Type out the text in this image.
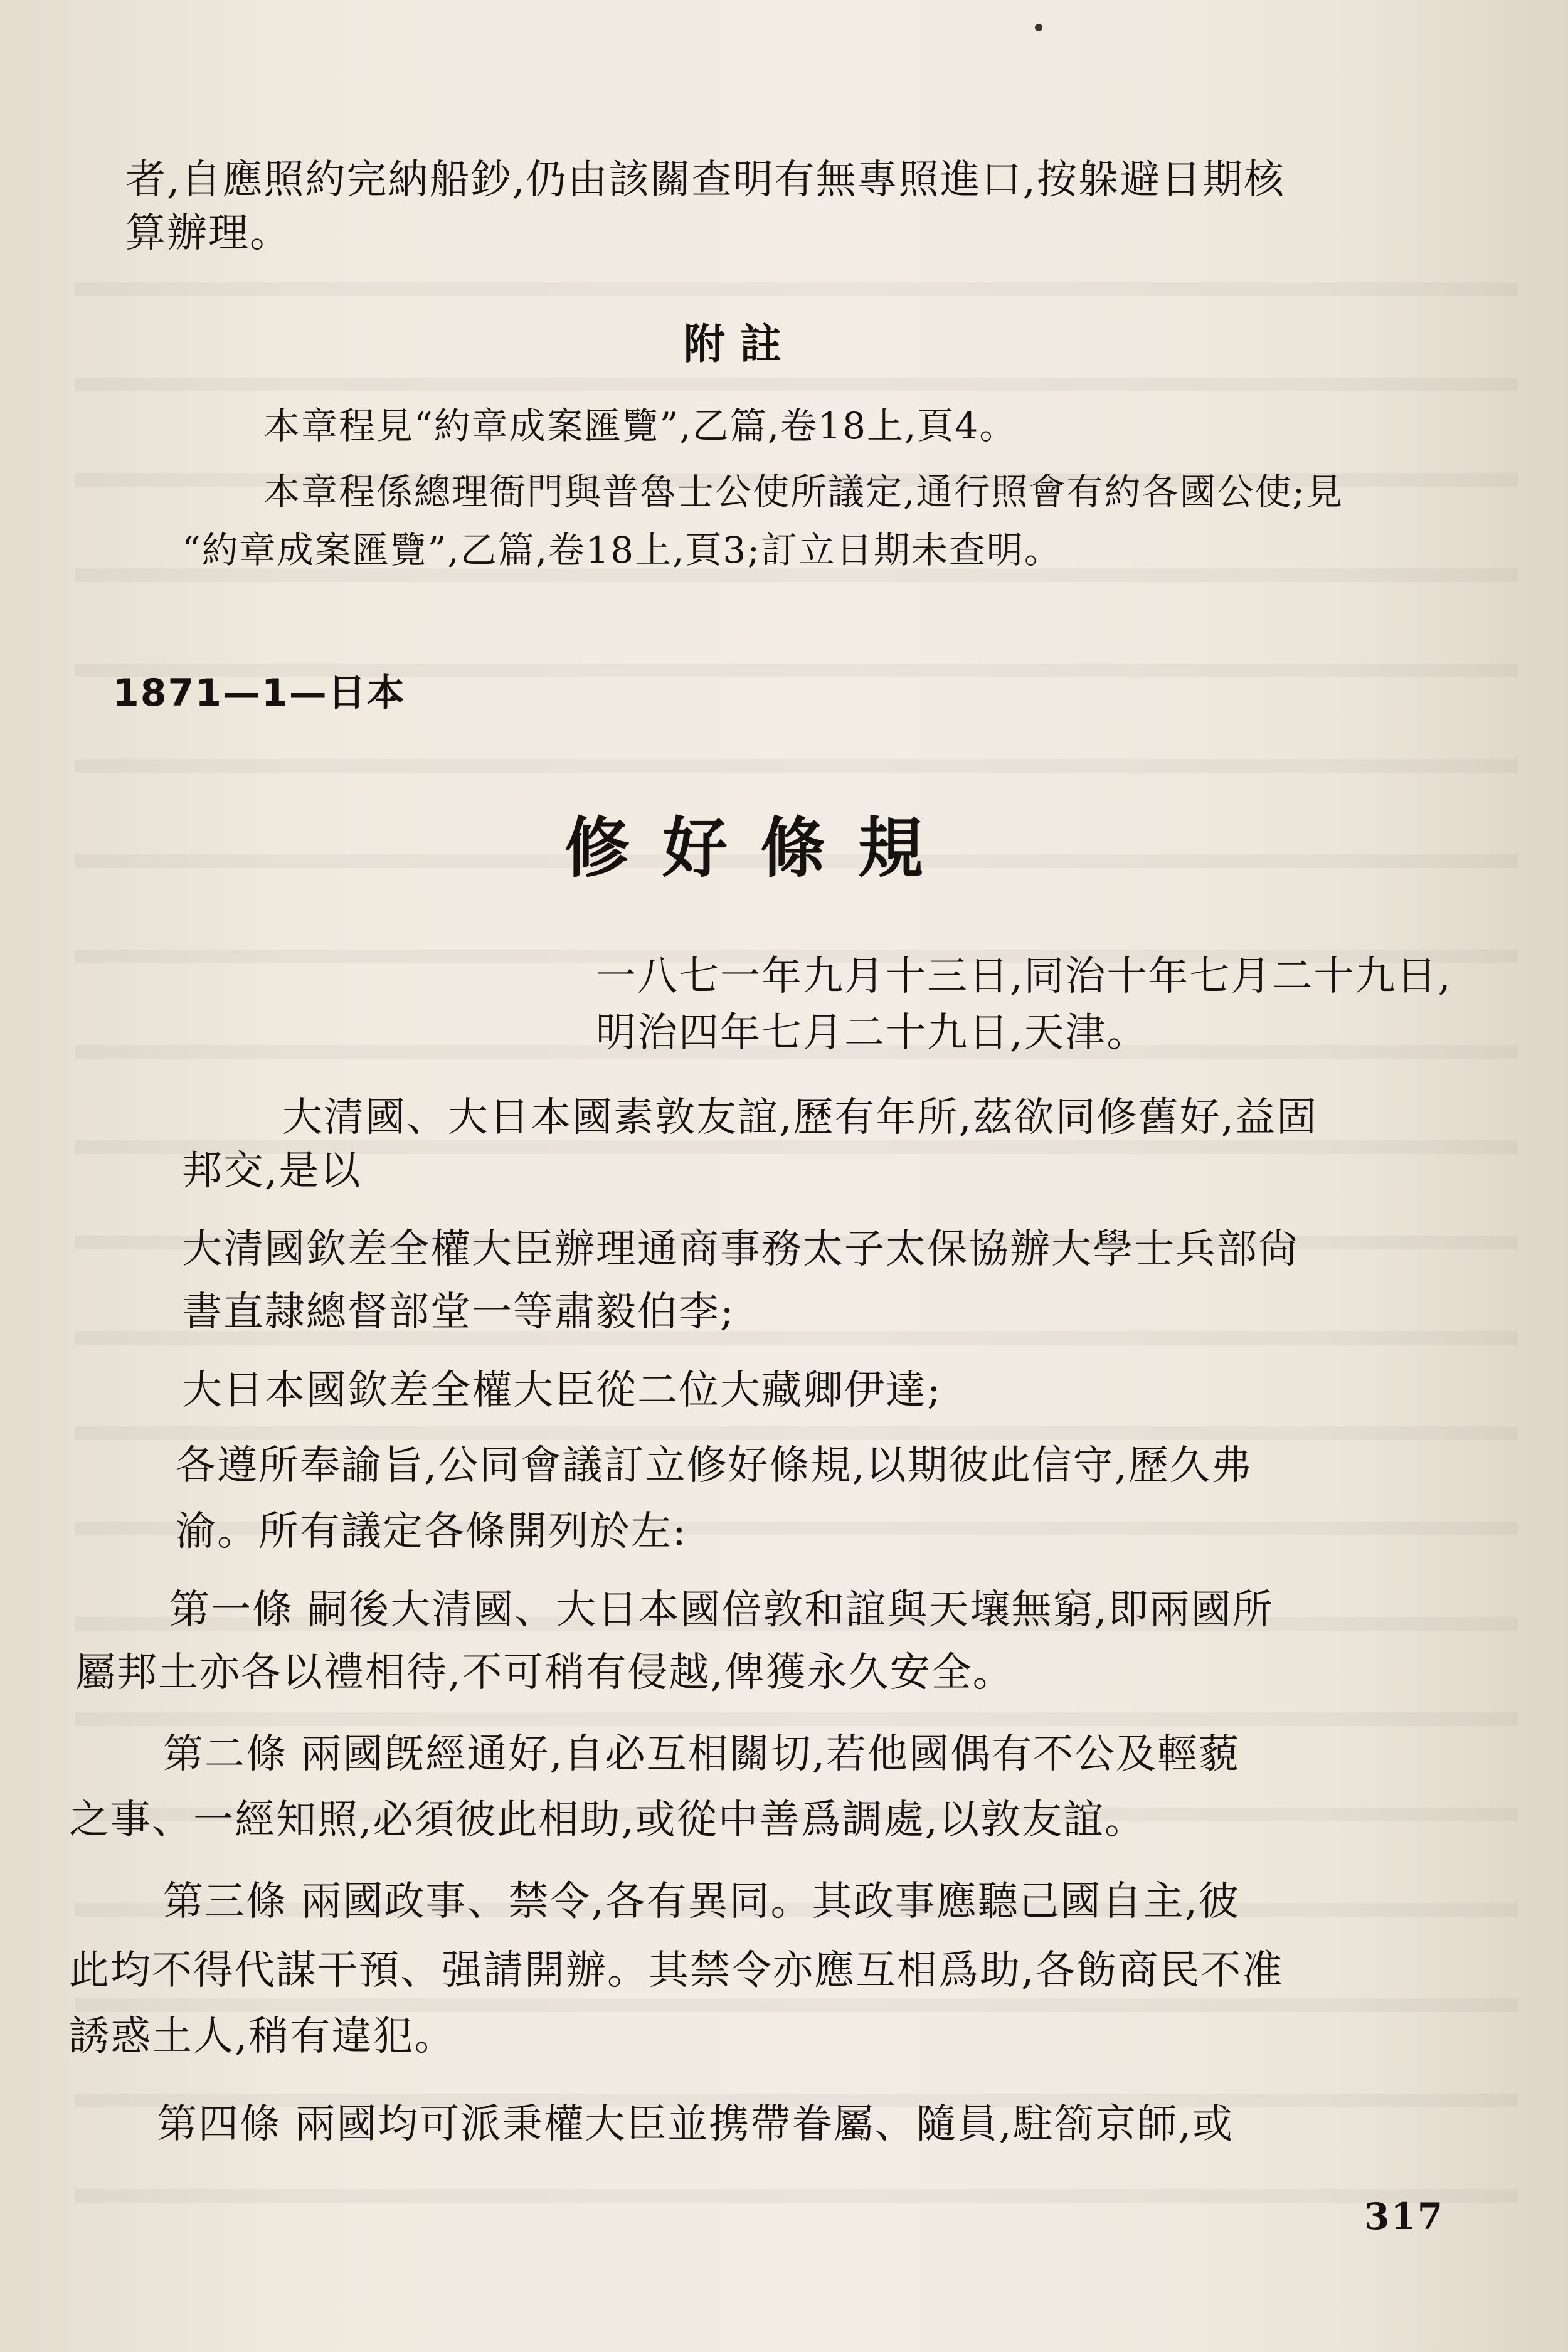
者,自應照約完納船鈔,仍由該關查明有無專照進口,按躲避日期核
算辦理。
附註
本章程見“約章成案匯覽”,乙篇,卷18上,頁4。
本章程係總理衙門與普魯士公使所議定,通行照會有約各國公使;見
“約章成案匯覽”,乙篇,卷18上,頁3;訂立日期未查明。
1871—1—日本
修好條規
一八七一年九月十三日,同治十年七月二十九日,
明治四年七月二十九日,天津。
大清國、大日本國素敦友誼,歷有年所,茲欲同修舊好,益固
邦交,是以
大清國欽差全權大臣辦理通商事務太子太保協辦大學士兵部尙
書直隷總督部堂一等肅毅伯李;
大日本國欽差全權大臣從二位大藏卿伊達;
各遵所奉諭旨,公同會議訂立修好條規,以期彼此信守,歷久弗
渝。所有議定各條開列於左:
第一條 嗣後大清國、大日本國倍敦和誼與天壤無窮,即兩國所
屬邦土亦各以禮相待,不可稍有侵越,俾獲永久安全。
第二條 兩國旣經通好,自必互相關切,若他國偶有不公及輕藐
之事、一經知照,必須彼此相助,或從中善爲調處,以敦友誼。
第三條 兩國政事、禁令,各有異同。其政事應聽己國自主,彼
此均不得代謀干預、强請開辦。其禁令亦應互相爲助,各飭商民不准
誘惑土人,稍有違犯。
第四條 兩國均可派秉權大臣並携帶眷屬、隨員,駐箚京師,或
317
